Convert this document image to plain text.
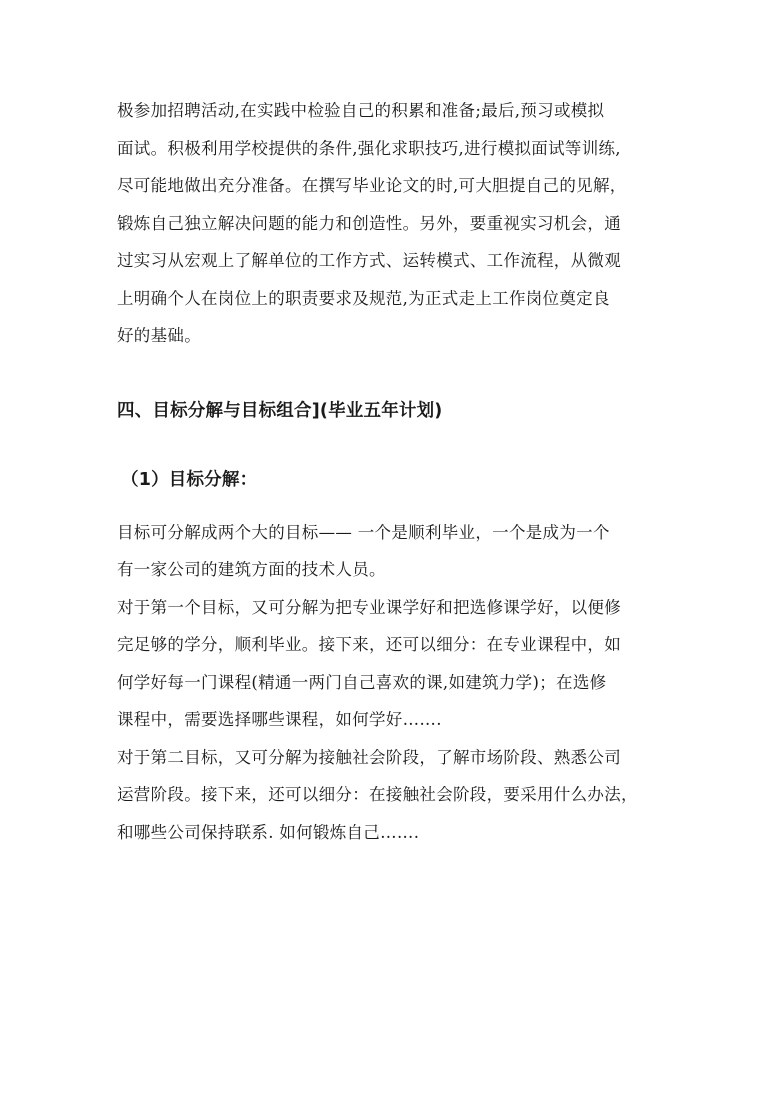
极参加招聘活动,在实践中检验自己的积累和准备;最后,预习或模拟
面试。积极利用学校提供的条件,强化求职技巧,进行模拟面试等训练,
尽可能地做出充分准备。在撰写毕业论文的时,可大胆提自己的见解，
锻炼自己独立解决问题的能力和创造性。另外，要重视实习机会，通
过实习从宏观上了解单位的工作方式、运转模式、工作流程，从微观
上明确个人在岗位上的职责要求及规范,为正式走上工作岗位奠定良
好的基础。

四、目标分解与目标组合](毕业五年计划)
（1）目标分解：

目标可分解成两个大的目标—— 一个是顺利毕业，一个是成为一个
有一家公司的建筑方面的技术人员。

对于第一个目标，又可分解为把专业课学好和把选修课学好，以便修
完足够的学分，顺利毕业。接下来，还可以细分：在专业课程中，如
何学好每一门课程(精通一两门自己喜欢的课,如建筑力学)；在选修
课程中，需要选择哪些课程，如何学好…….

对于第二目标，又可分解为接触社会阶段，了解市场阶段、熟悉公司
运营阶段。接下来，还可以细分：在接触社会阶段，要采用什么办法，
和哪些公司保持联系. 如何锻炼自己…….
